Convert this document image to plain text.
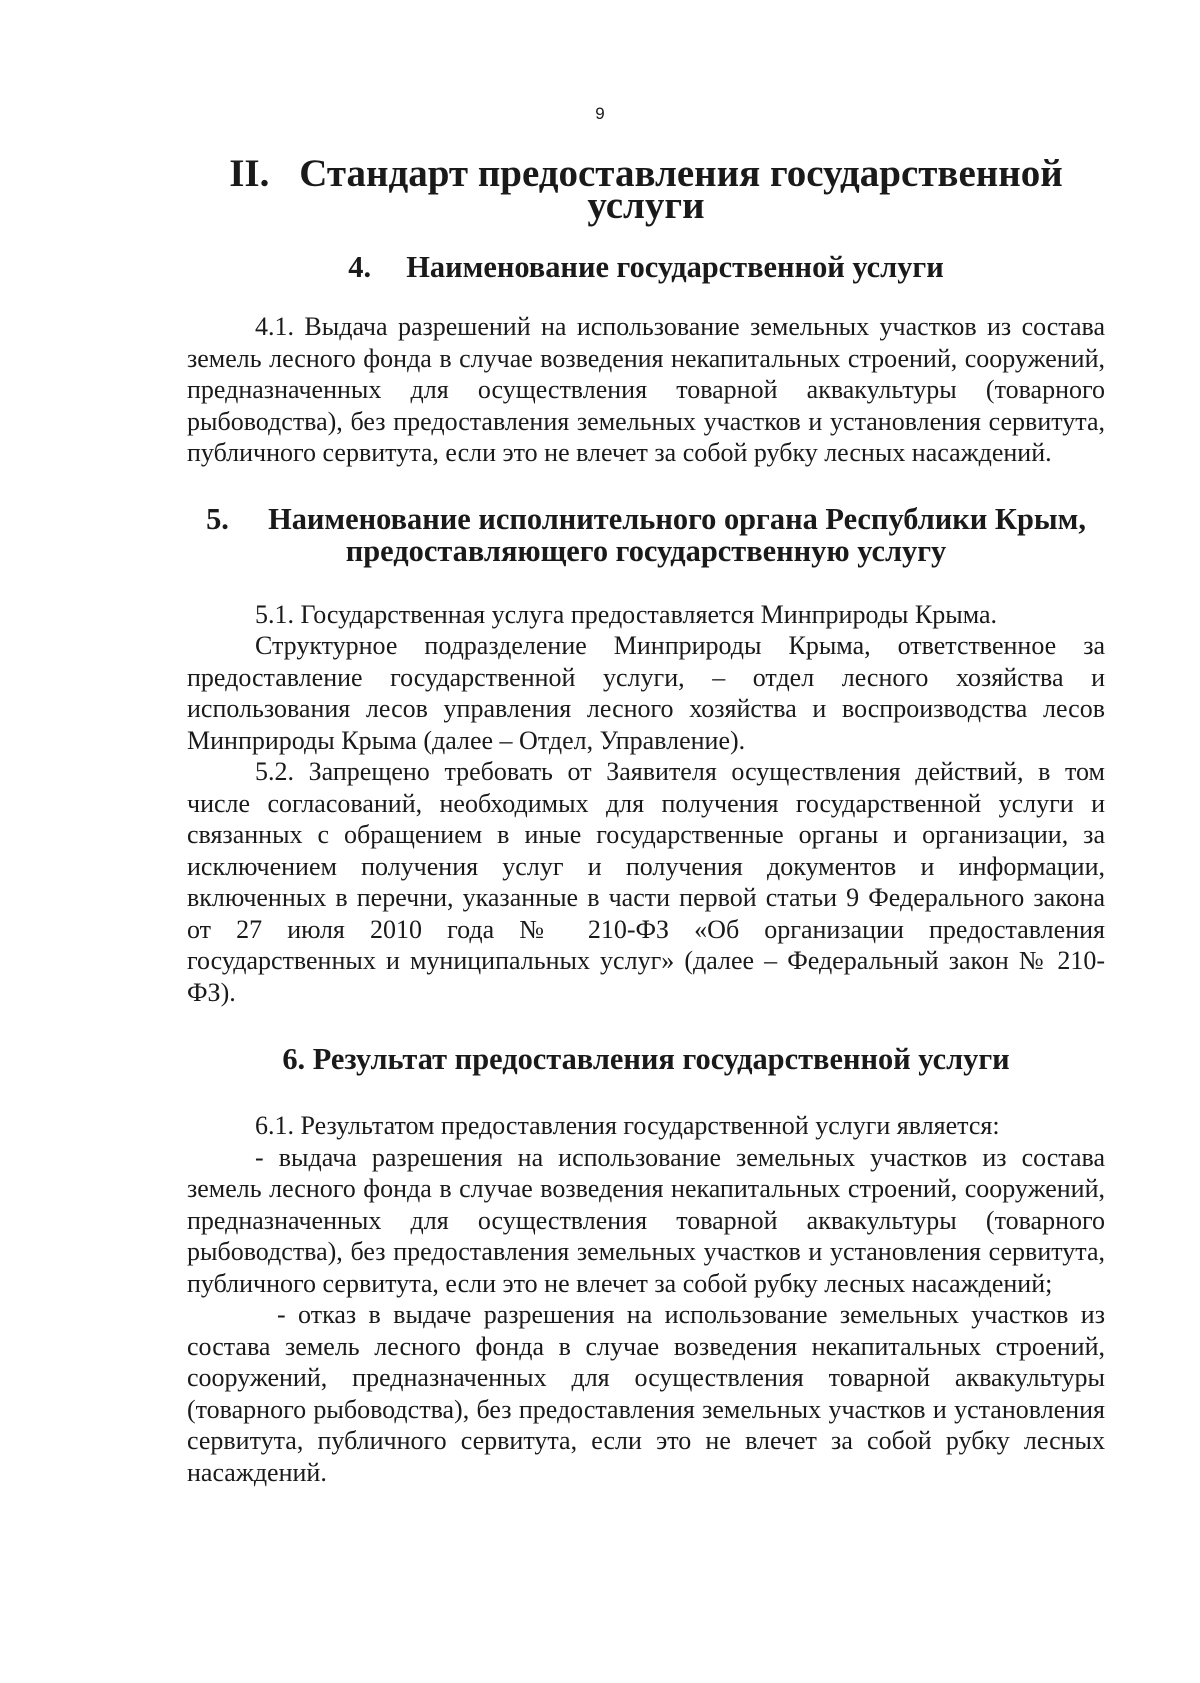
9
II. Стандарт предоставления государственной услуги
4. Наименование государственной услуги

4.1. Выдача разрешений на использование земельных участков из состава земель лесного фонда в случае возведения некапитальных строений, сооружений, предназначенных для осуществления товарной аквакультуры (товарного рыбоводства), без предоставления земельных участков и установления сервитута, публичного сервитута, если это не влечет за собой рубку лесных насаждений.

5. Наименование исполнительного органа Республики Крым,
предоставляющего государственную услугу

5.1. Государственная услуга предоставляется Минприроды Крыма.

Структурное подразделение Минприроды Крыма, ответственное за предоставление государственной услуги, – отдел лесного хозяйства и использования лесов управления лесного хозяйства и воспроизводства лесов Минприроды Крыма (далее – Отдел, Управление).

5.2. Запрещено требовать от Заявителя осуществления действий, в том числе согласований, необходимых для получения государственной услуги и связанных с обращением в иные государственные органы и организации, за исключением получения услуг и получения документов и информации, включенных в перечни, указанные в части первой статьи 9 Федерального закона от 27 июля 2010 года № 210-ФЗ «Об организации предоставления государственных и муниципальных услуг» (далее – Федеральный закон № 210-ФЗ).

6. Результат предоставления государственной услуги

6.1. Результатом предоставления государственной услуги является:

- выдача разрешения на использование земельных участков из состава земель лесного фонда в случае возведения некапитальных строений, сооружений, предназначенных для осуществления товарной аквакультуры (товарного рыбоводства), без предоставления земельных участков и установления сервитута, публичного сервитута, если это не влечет за собой рубку лесных насаждений;

- отказ в выдаче разрешения на использование земельных участков из состава земель лесного фонда в случае возведения некапитальных строений, сооружений, предназначенных для осуществления товарной аквакультуры (товарного рыбоводства), без предоставления земельных участков и установления сервитута, публичного сервитута, если это не влечет за собой рубку лесных насаждений.
